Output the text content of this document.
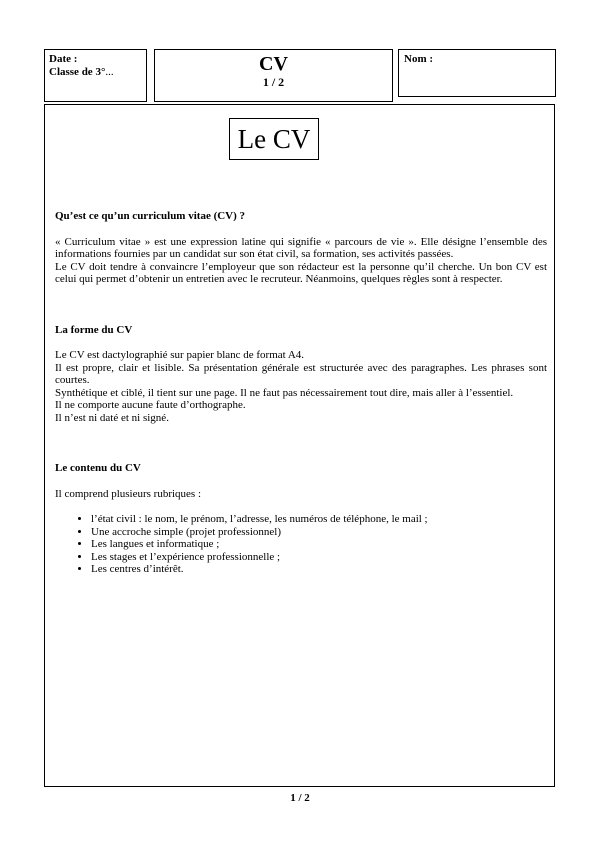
Date :
Classe de 3°...	CV
1 / 2
Nom :
Le CV

Qu’est ce qu’un curriculum vitae (CV) ?

« Curriculum vitae » est une expression latine qui signifie « parcours de vie ». Elle désigne l’ensemble des informations fournies par un candidat sur son état civil, sa formation, ses activités passées.

Le CV doit tendre à convaincre l’employeur que son rédacteur est la personne qu’il cherche. Un bon CV est celui qui permet d’obtenir un entretien avec le recruteur. Néanmoins, quelques règles sont à respecter.

La forme du CV

Le CV est dactylographié sur papier blanc de format A4.

Il est propre, clair et lisible. Sa présentation générale est structurée avec des paragraphes. Les phrases sont courtes.

Synthétique et ciblé, il tient sur une page. Il ne faut pas nécessairement tout dire, mais aller à l’essentiel.

Il ne comporte aucune faute d’orthographe.

Il n’est ni daté et ni signé.

Le contenu du CV

Il comprend plusieurs rubriques :

• l’état civil : le nom, le prénom, l’adresse, les numéros de téléphone, le mail ;
• Une accroche simple (projet professionnel)
• Les langues et informatique ;
• Les stages et l’expérience professionnelle ;
• Les centres d’intérêt.
1 / 2
